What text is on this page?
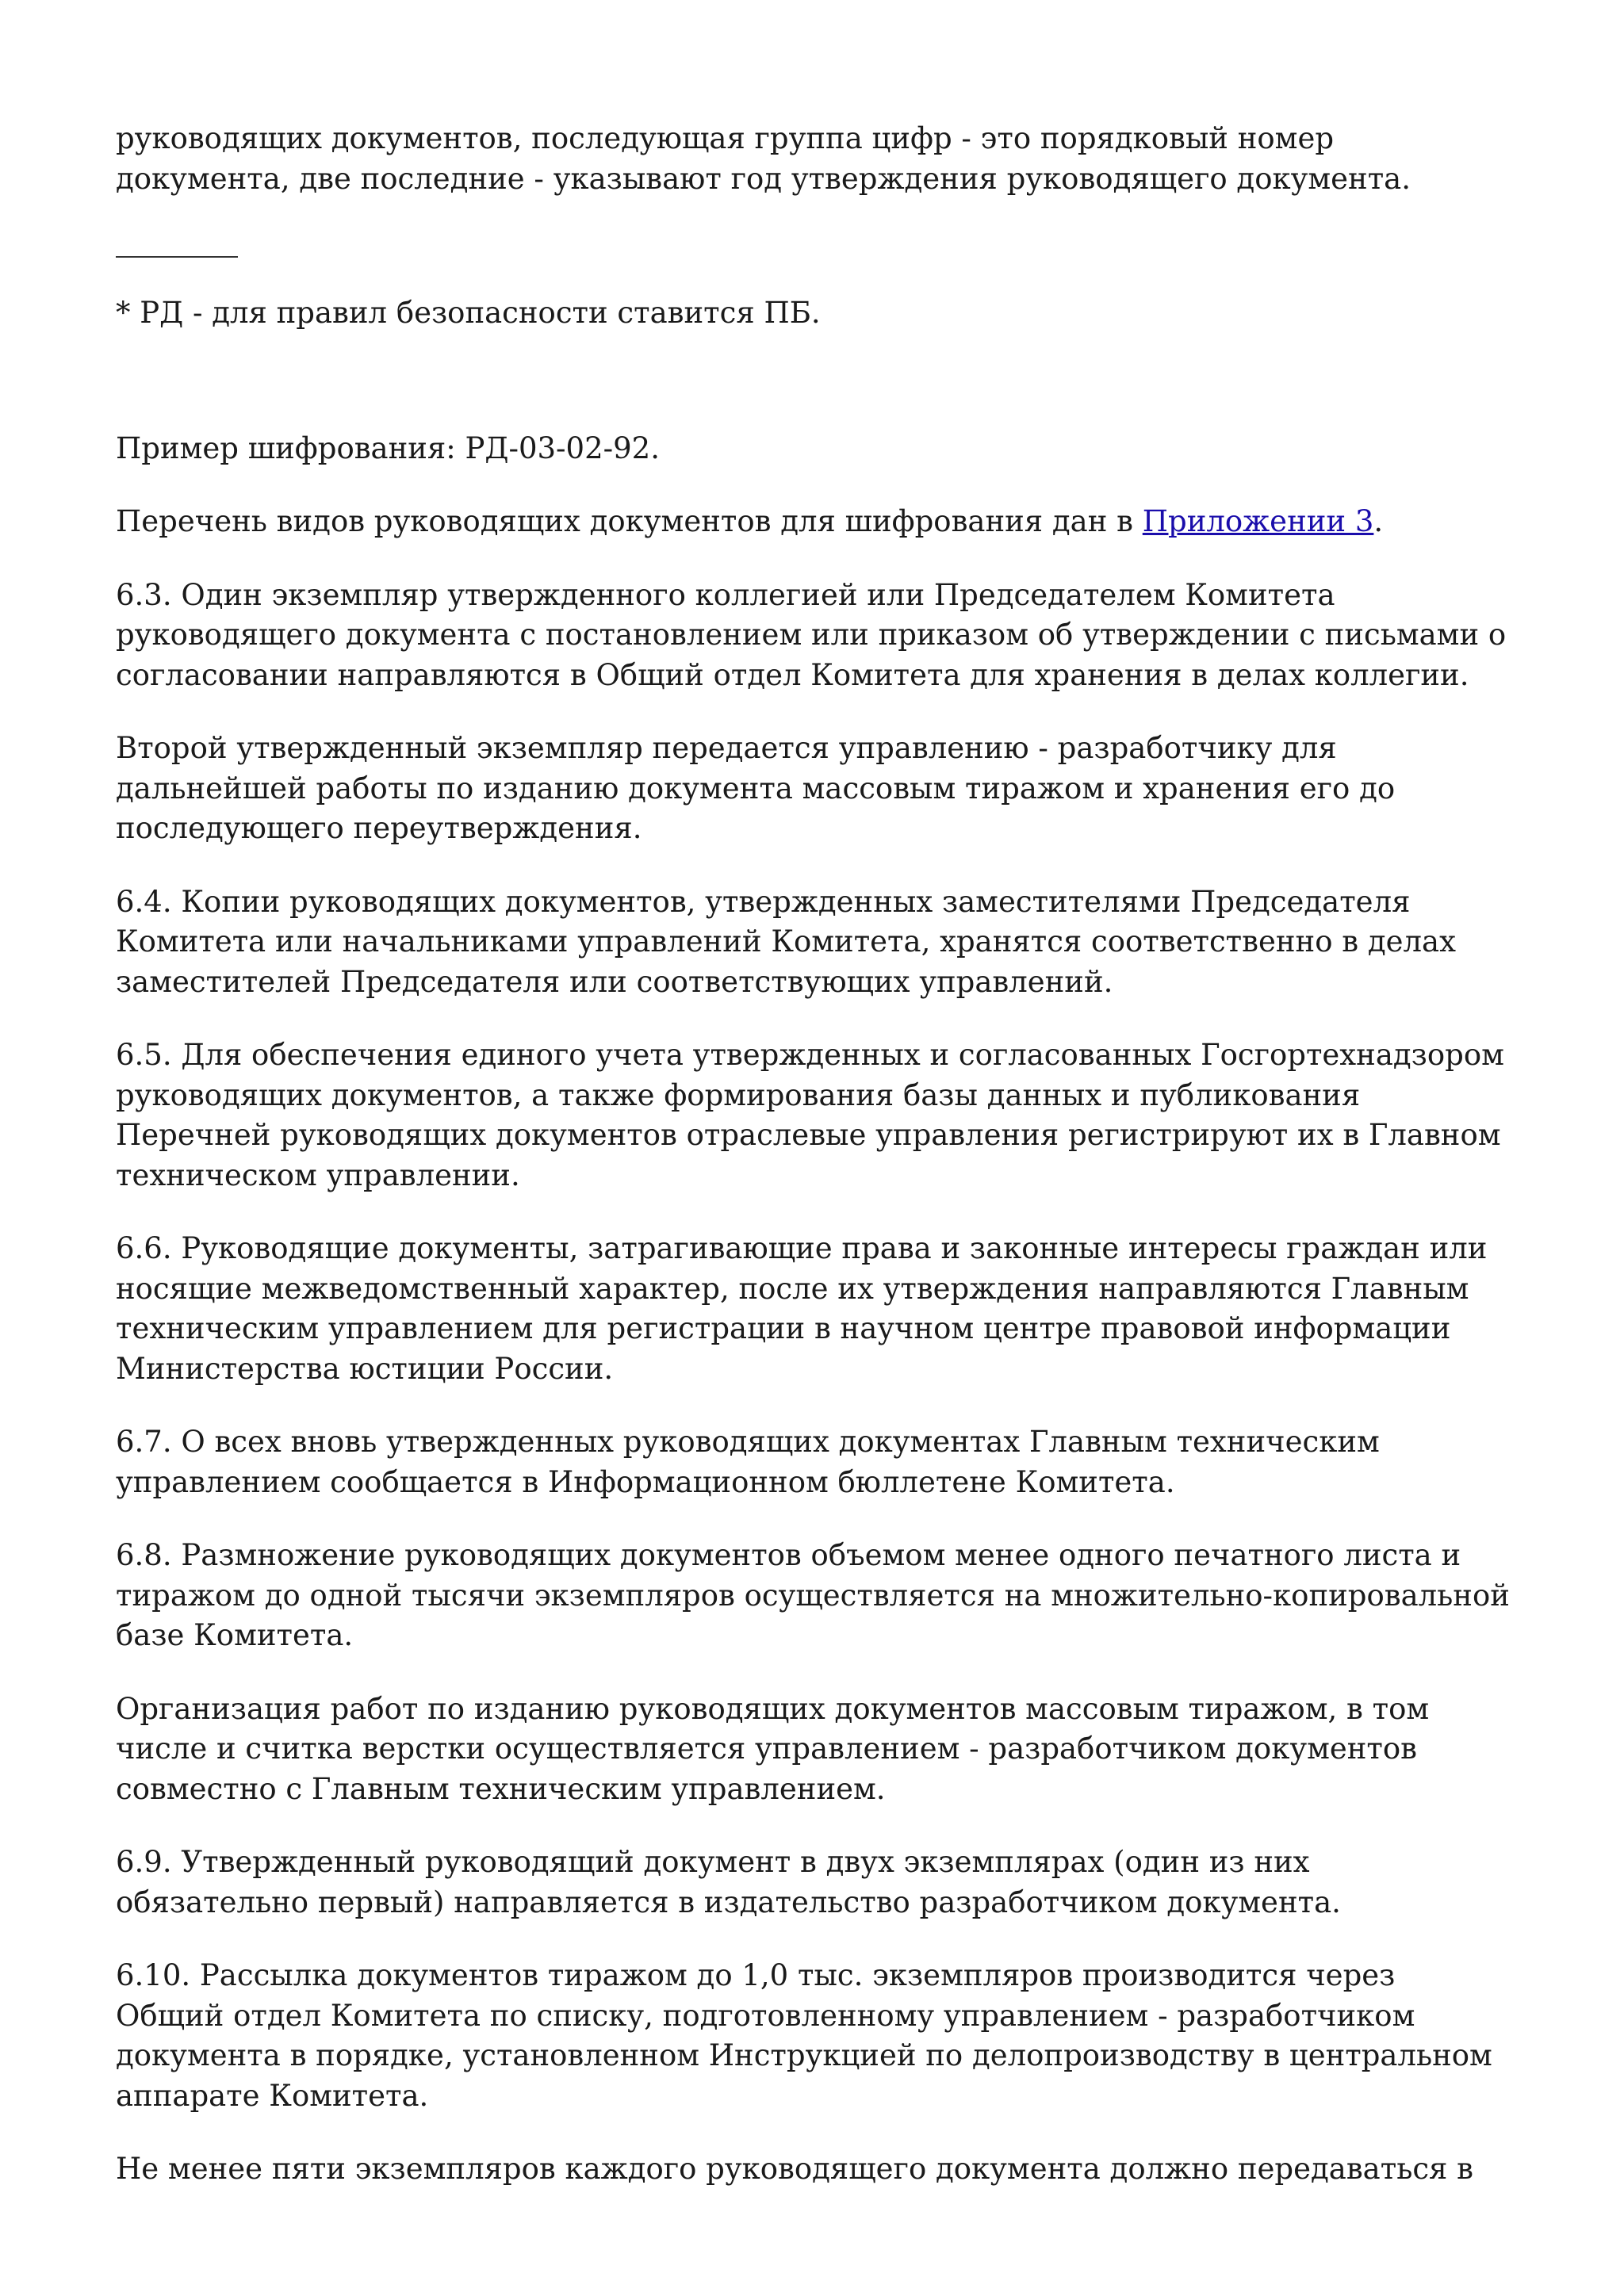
руководящих документов, последующая группа цифр - это порядковый номер документа, две последние - указывают год утверждения руководящего документа.

* РД - для правил безопасности ставится ПБ.

Пример шифрования: РД-03-02-92.

Перечень видов руководящих документов для шифрования дан в Приложении 3.

6.3. Один экземпляр утвержденного коллегией или Председателем Комитета руководящего документа с постановлением или приказом об утверждении с письмами о согласовании направляются в Общий отдел Комитета для хранения в делах коллегии.

Второй утвержденный экземпляр передается управлению - разработчику для дальнейшей работы по изданию документа массовым тиражом и хранения его до последующего переутверждения.

6.4. Копии руководящих документов, утвержденных заместителями Председателя Комитета или начальниками управлений Комитета, хранятся соответственно в делах заместителей Председателя или соответствующих управлений.

6.5. Для обеспечения единого учета утвержденных и согласованных Госгортехнадзором руководящих документов, а также формирования базы данных и публикования Перечней руководящих документов отраслевые управления регистрируют их в Главном техническом управлении.

6.6. Руководящие документы, затрагивающие права и законные интересы граждан или носящие межведомственный характер, после их утверждения направляются Главным техническим управлением для регистрации в научном центре правовой информации Министерства юстиции России.

6.7. О всех вновь утвержденных руководящих документах Главным техническим управлением сообщается в Информационном бюллетене Комитета.

6.8. Размножение руководящих документов объемом менее одного печатного листа и тиражом до одной тысячи экземпляров осуществляется на множительно-копировальной базе Комитета.

Организация работ по изданию руководящих документов массовым тиражом, в том числе и считка верстки осуществляется управлением - разработчиком документов совместно с Главным техническим управлением.

6.9. Утвержденный руководящий документ в двух экземплярах (один из них обязательно первый) направляется в издательство разработчиком документа.

6.10. Рассылка документов тиражом до 1,0 тыс. экземпляров производится через Общий отдел Комитета по списку, подготовленному управлением - разработчиком документа в порядке, установленном Инструкцией по делопроизводству в центральном аппарате Комитета.

Не менее пяти экземпляров каждого руководящего документа должно передаваться в
